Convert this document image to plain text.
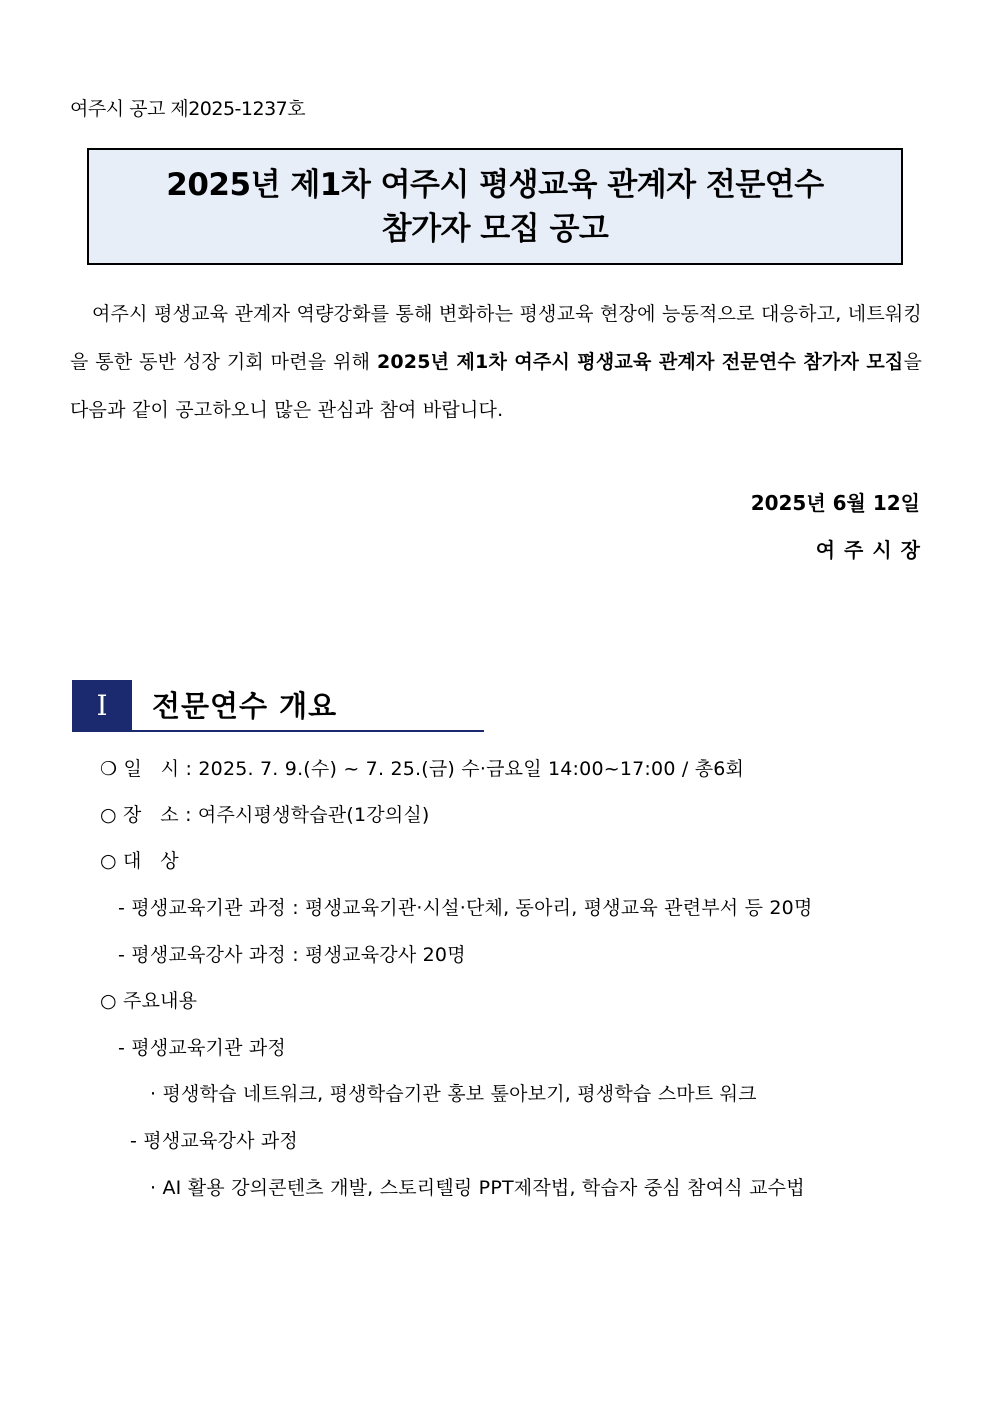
여주시 공고 제2025-1237호
2025년 제1차 여주시 평생교육 관계자 전문연수
참가자 모집 공고
여주시 평생교육 관계자 역량강화를 통해 변화하는 평생교육 현장에 능동적으로 대응하고, 네트워킹을 통한 동반 성장 기회 마련을 위해 2025년 제1차 여주시 평생교육 관계자 전문연수 참가자 모집을 다음과 같이 공고하오니 많은 관심과 참여 바랍니다.
2025년 6월 12일
여주시장
Ⅰ	전문연수 개요
❍ 일   시 : 2025. 7. 9.(수) ~ 7. 25.(금) 수·금요일 14:00~17:00 / 총6회
○ 장   소 : 여주시평생학습관(1강의실)
○ 대   상
- 평생교육기관 과정 : 평생교육기관·시설·단체, 동아리, 평생교육 관련부서 등 20명
- 평생교육강사 과정 : 평생교육강사 20명
○ 주요내용
- 평생교육기관 과정
· 평생학습 네트워크, 평생학습기관 홍보 톺아보기, 평생학습 스마트 워크
- 평생교육강사 과정
· AI 활용 강의콘텐츠 개발, 스토리텔링 PPT제작법, 학습자 중심 참여식 교수법
